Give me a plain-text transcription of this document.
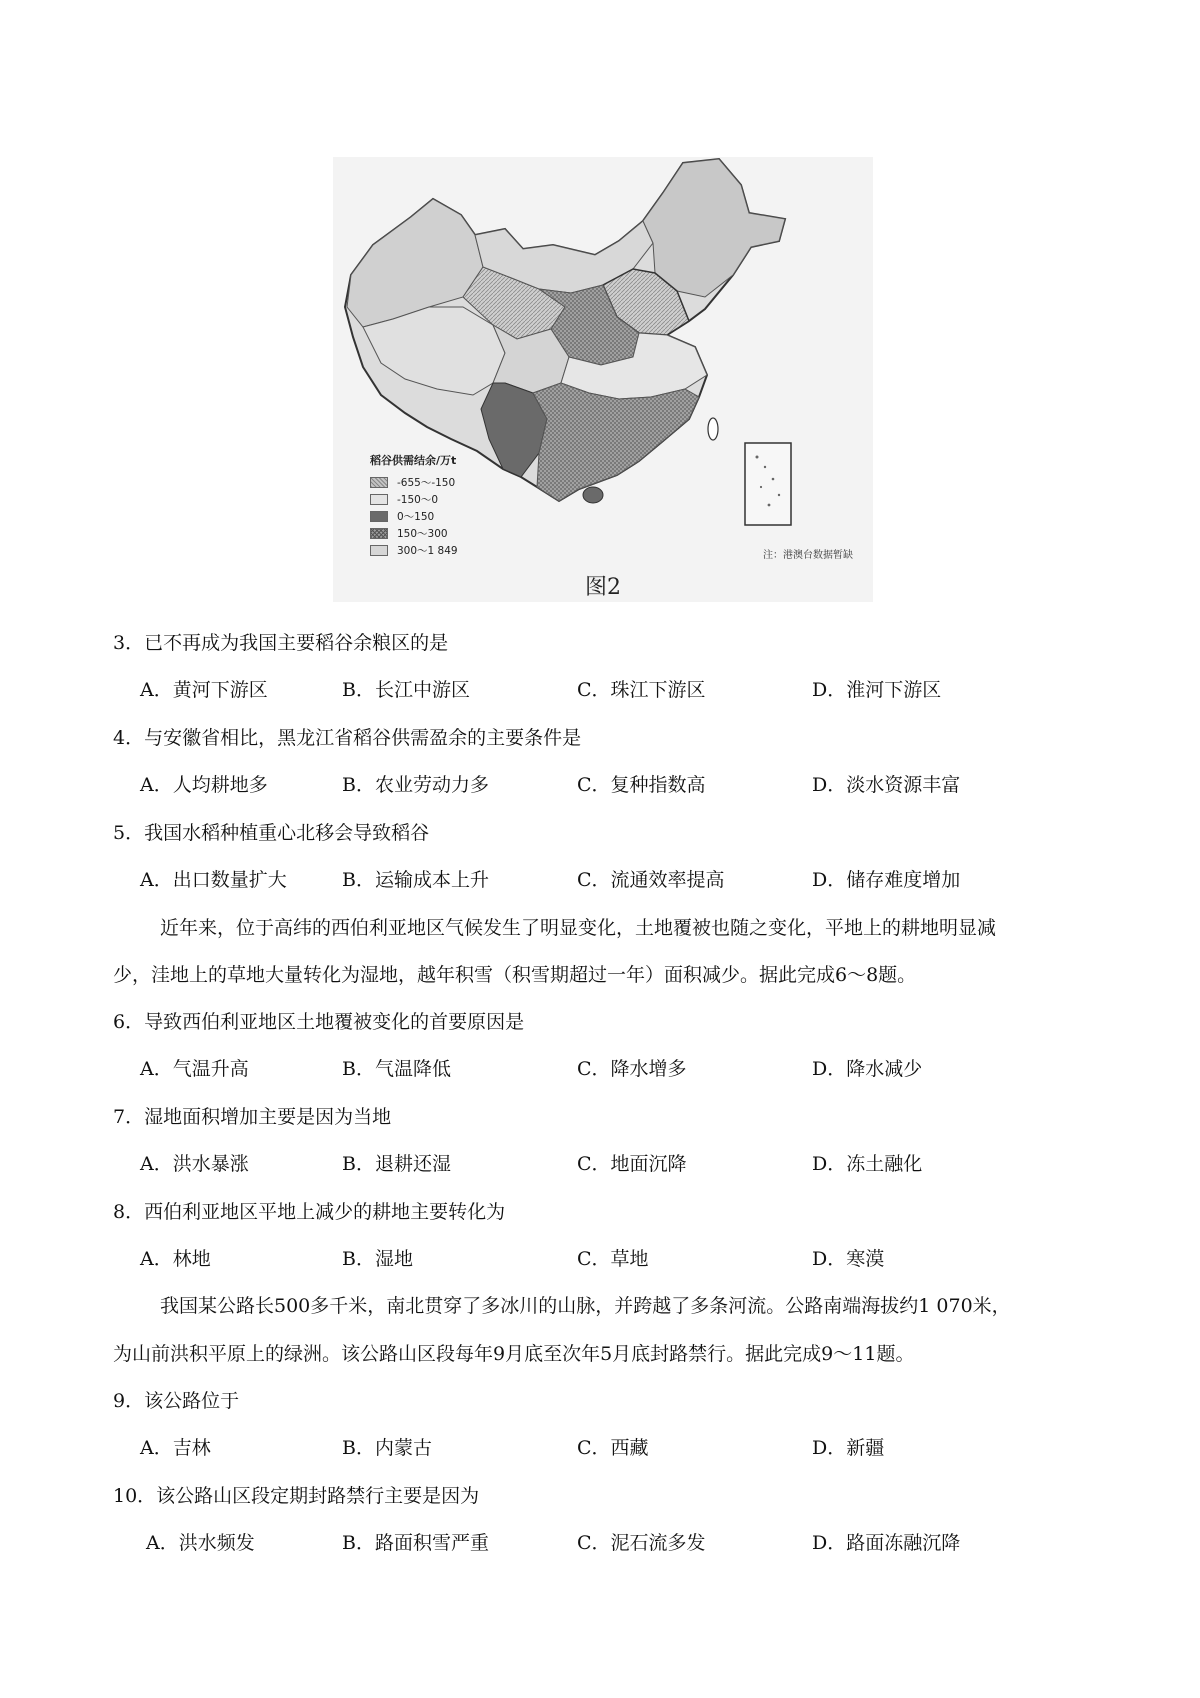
稻谷供需结余/万t
-655～-150
-150～0
0～150
150～300
300～1 849	注：港澳台数据暂缺
图2
3．已不再成为我国主要稻谷余粮区的是
A．黄河下游区	B．长江中游区	C．珠江下游区	D．淮河下游区
4．与安徽省相比，黑龙江省稻谷供需盈余的主要条件是
A．人均耕地多	B．农业劳动力多	C．复种指数高	D．淡水资源丰富
5．我国水稻种植重心北移会导致稻谷
A．出口数量扩大	B．运输成本上升	C．流通效率提高	D．储存难度增加
近年来，位于高纬的西伯利亚地区气候发生了明显变化，土地覆被也随之变化，平地上的耕地明显减
少，洼地上的草地大量转化为湿地，越年积雪（积雪期超过一年）面积减少。据此完成6～8题。
6．导致西伯利亚地区土地覆被变化的首要原因是
A．气温升高	B．气温降低	C．降水增多	D．降水减少
7．湿地面积增加主要是因为当地
A．洪水暴涨	B．退耕还湿	C．地面沉降	D．冻土融化
8．西伯利亚地区平地上减少的耕地主要转化为
A．林地	B．湿地	C．草地	D．寒漠
我国某公路长500多千米，南北贯穿了多冰川的山脉，并跨越了多条河流。公路南端海拔约1 070米，
为山前洪积平原上的绿洲。该公路山区段每年9月底至次年5月底封路禁行。据此完成9～11题。
9．该公路位于
A．吉林	B．内蒙古	C．西藏	D．新疆
10．该公路山区段定期封路禁行主要是因为
A．洪水频发	B．路面积雪严重	C．泥石流多发	D．路面冻融沉降
